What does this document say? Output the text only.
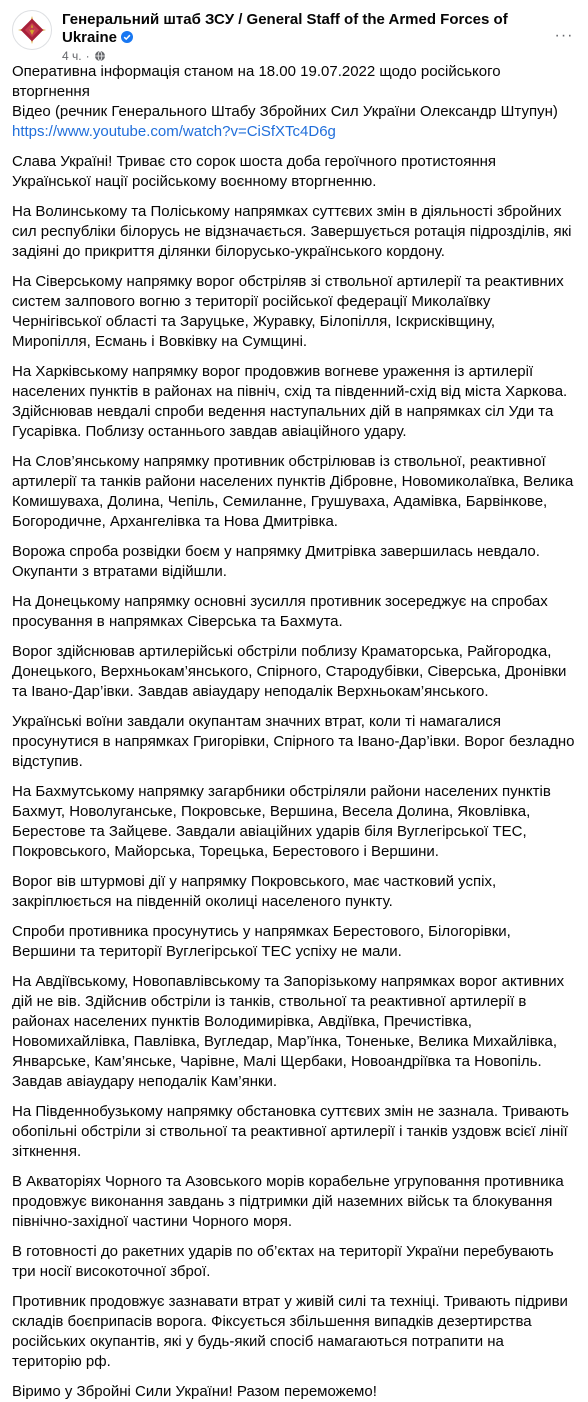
Генеральний штаб ЗСУ / General Staff of the Armed Forces of Ukraine
4 ч. ·
···

Оперативна інформація станом на 18.00 19.07.2022 щодо російського вторгнення
Відео (речник Генерального Штабу Збройних Сил України Олександр Штупун)
https://www.youtube.com/watch?v=CiSfXTc4D6g

Слава Україні! Триває сто сорок шоста доба героїчного протистояння Українськoї нації російському воєнному вторгненню.

На Волинському та Поліському напрямках суттєвих змін в діяльності збройних сил республіки білорусь не відзначається. Завершується ротація підрозділів, які задіяні до прикриття ділянки білорусько-українського кордону.

На Сіверському напрямку ворог обстріляв зі ствольної артилерії та реактивних систем залпового вогню з території російської федерації Миколаївку Чернігівської області та Заруцьке, Журавку, Білопілля, Іскрисківщину, Миропілля, Есмань і Вовківку на Сумщині.

На Харківському напрямку ворог продовжив вогневе ураження із артилерії населених пунктів в районах на північ, схід та південний-схід від міста Харкова. Здійснював невдалі спроби ведення наступальних дій в напрямках сіл Уди та Гусарівка. Поблизу останнього завдав авіаційного удару.

На Слов’янському напрямку противник обстрілював із ствольної, реактивної артилерії та танків райони населених пунктів Дібровне, Новомиколаївка, Велика Комишуваха, Долина, Чепіль, Семиланне, Грушуваха, Адамівка, Барвінкове, Богородичне, Архангелівка та Нова Дмитрівка.

Ворожа спроба розвідки боєм у напрямку Дмитрівка завершилась невдало. Окупанти з втратами відійшли.

На Донецькому напрямку основні зусилля противник зосереджує на спробах просування в напрямках Сіверська та Бахмута.

Ворог здійснював артилерійські обстріли поблизу Краматорська, Райгородка, Донецького, Верхньокам’янського, Спірного, Стародубівки, Сіверська, Дронівки та Івано-Дар’івки. Завдав авіаудару неподалік Верхньокам’янського.

Українські воїни завдали окупантам значних втрат, коли ті намагалися просунутися в напрямках Григорівки, Спірного та Івано-Дар’івки. Ворог безладно відступив.

На Бахмутському напрямку загарбники обстріляли райони населених пунктів Бахмут, Новолуганське, Покровське, Вершина, Весела Долина, Яковлівка, Берестове та Зайцеве. Завдали авіаційних ударів біля Вуглегірської ТЕС, Покровського, Майорська, Торецька, Берестового і Вершини.

Ворог вів штурмові дії у напрямку Покровського, має частковий успіх, закріплюється на південній околиці населеного пункту.

Спроби противника просунутись у напрямках Берестового, Білогорівки, Вершини та території Вуглегірської ТЕС успіху не мали.

На Авдіївському, Новопавлівському та Запорізькому напрямках ворог активних дій не вів. Здійснив обстріли із танків, ствольної та реактивної артилерії в районах населених пунктів Володимирівка, Авдіївка, Пречистівка, Новомихайлівка, Павлівка, Вугледар, Мар’їнка, Тоненьке, Велика Михайлівка, Январське, Кам’янське, Чарівне, Малі Щербаки, Новоандріївка та Новопіль. Завдав авіаудару неподалік Кам’янки.

На Південнобузькому напрямку обстановка суттєвих змін не зазнала. Тривають обопільні обстріли зі ствольної та реактивної артилерії і танків уздовж всієї лінії зіткнення.

В Акваторіях Чорного та Азовського морів корабельне угруповання противника продовжує виконання завдань з підтримки дій наземних військ та блокування північно-західної частини Чорного моря.

В готовності до ракетних ударів по об’єктах на території України перебувають три носії високоточної зброї.

Противник продовжує зазнавати втрат у живій силі та техніці. Тривають підриви складів боєприпасів ворога. Фіксується збільшення випадків дезертирства російських окупантів, які у будь-який спосіб намагаються потрапити на територію рф.

Віримо у Збройні Сили України! Разом переможемо!
